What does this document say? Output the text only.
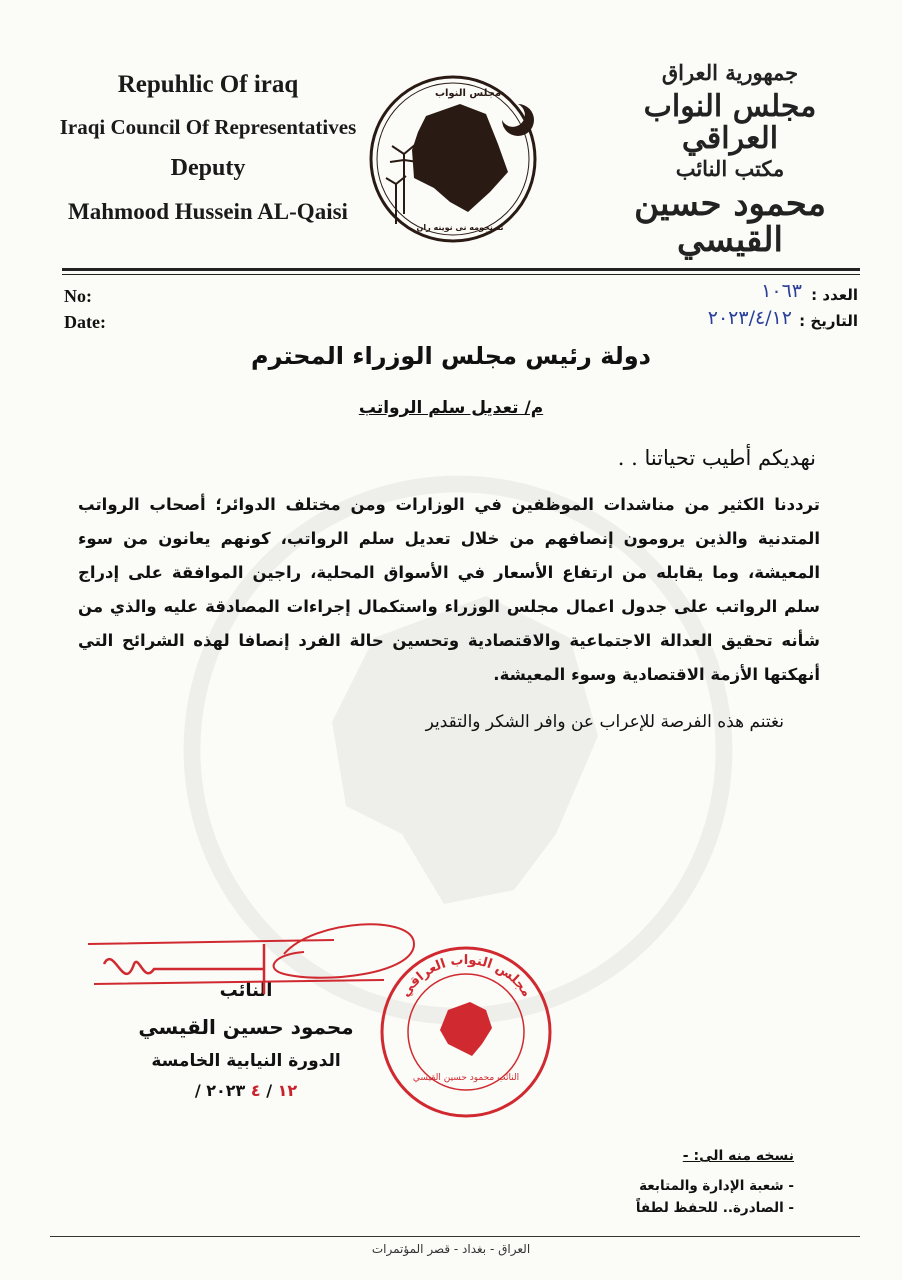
Repuhlic Of iraq
Iraqi Council Of Representatives
Deputy
Mahmood Hussein AL-Qaisi
مجلس النواب
ئه نجومه نى نوينه ران
جمهورية العراق
مجلس النواب العراقي
مكتب النائب
محمود حسين القيسي
No:
Date:
العدد :
التاريخ :
١٠٦٣
٢٠٢٣/٤/١٢
دولة رئيس مجلس الوزراء المحترم
م/ تعديل سلم الرواتب
نهديكم أطيب تحياتنا . .
ترددنا الكثير من مناشدات الموظفين في الوزارات ومن مختلف الدوائر؛ أصحاب الرواتب المتدنية والذين يرومون إنصافهم من خلال تعديل سلم الرواتب، كونهم يعانون من سوء المعيشة، وما يقابله من ارتفاع الأسعار في الأسواق المحلية، راجين الموافقة على إدراج سلم الرواتب على جدول اعمال مجلس الوزراء واستكمال إجراءات المصادقة عليه والذي من شأنه تحقيق العدالة الاجتماعية والاقتصادية وتحسين حالة الفرد إنصافا لهذه الشرائح التي أنهكتها الأزمة الاقتصادية وسوء المعيشة.
نغتنم هذه الفرصة للإعراب عن وافر الشكر والتقدير
النائب
محمود حسين القيسي
الدورة النيابية الخامسة
١٢ / ٤ ٢٠٢٣ /
مجلس النواب العراقي
النائب محمود حسين القيسي
نسخه منه الى: -
- شعبة الإدارة والمتابعة
- الصادرة.. للحفظ لطفاً
العراق - بغداد - قصر المؤتمرات
